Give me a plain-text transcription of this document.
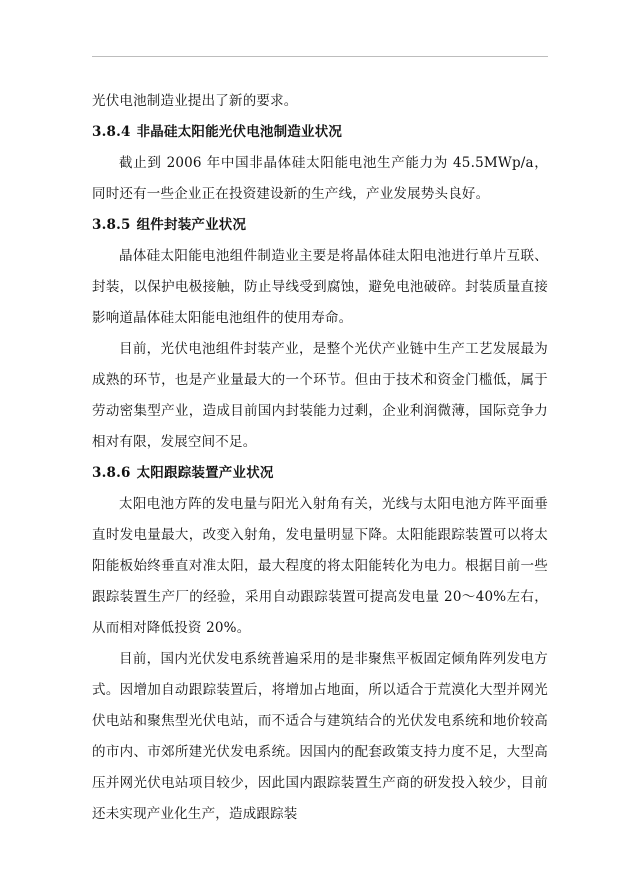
光伏电池制造业提出了新的要求。

3.8.4 非晶硅太阳能光伏电池制造业状况

截止到 2006 年中国非晶体硅太阳能电池生产能力为 45.5MWp/a，同时还有一些企业正在投资建设新的生产线，产业发展势头良好。

3.8.5 组件封装产业状况

晶体硅太阳能电池组件制造业主要是将晶体硅太阳电池进行单片互联、封装，以保护电极接触，防止导线受到腐蚀，避免电池破碎。封装质量直接影响道晶体硅太阳能电池组件的使用寿命。

目前，光伏电池组件封装产业，是整个光伏产业链中生产工艺发展最为成熟的环节，也是产业量最大的一个环节。但由于技术和资金门槛低，属于劳动密集型产业，造成目前国内封装能力过剩，企业利润微薄，国际竞争力相对有限，发展空间不足。

3.8.6 太阳跟踪装置产业状况

太阳电池方阵的发电量与阳光入射角有关，光线与太阳电池方阵平面垂直时发电量最大，改变入射角，发电量明显下降。太阳能跟踪装置可以将太阳能板始终垂直对准太阳，最大程度的将太阳能转化为电力。根据目前一些跟踪装置生产厂的经验，采用自动跟踪装置可提高发电量 20～40%左右，从而相对降低投资 20%。

目前，国内光伏发电系统普遍采用的是非聚焦平板固定倾角阵列发电方式。因增加自动跟踪装置后，将增加占地面，所以适合于荒漠化大型并网光伏电站和聚焦型光伏电站，而不适合与建筑结合的光伏发电系统和地价较高的市内、市郊所建光伏发电系统。因国内的配套政策支持力度不足，大型高压并网光伏电站项目较少，因此国内跟踪装置生产商的研发投入较少，目前还未实现产业化生产，造成跟踪装
